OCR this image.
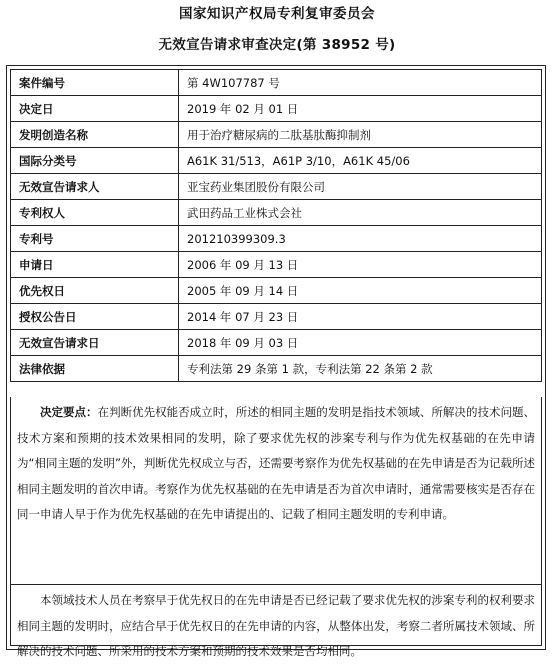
国家知识产权局专利复审委员会
无效宣告请求审查决定(第 38952 号)
案件编号	第 4W107787 号
决定日	2019 年 02 月 01 日
发明创造名称	用于治疗糖尿病的二肽基肽酶抑制剂
国际分类号	A61K 31/513，A61P 3/10，A61K 45/06
无效宣告请求人	亚宝药业集团股份有限公司
专利权人	武田药品工业株式会社
专利号	201210399309.3
申请日	2006 年 09 月 13 日
优先权日	2005 年 09 月 14 日
授权公告日	2014 年 07 月 23 日
无效宣告请求日	2018 年 09 月 03 日
法律依据	专利法第 29 条第 1 款，专利法第 22 条第 2 款
决定要点：在判断优先权能否成立时，所述的相同主题的发明是指技术领域、所解决的技术问题、技术方案和预期的技术效果相同的发明，除了要求优先权的涉案专利与作为优先权基础的在先申请为“相同主题的发明”外，判断优先权成立与否，还需要考察作为优先权基础的在先申请是否为记载所述相同主题发明的首次申请。考察作为优先权基础的在先申请是否为首次申请时，通常需要核实是否存在同一申请人早于作为优先权基础的在先申请提出的、记载了相同主题发明的专利申请。
本领域技术人员在考察早于优先权日的在先申请是否已经记载了要求优先权的涉案专利的权利要求相同主题的发明时，应结合早于优先权日的在先申请的内容，从整体出发，考察二者所属技术领域、所解决的技术问题、所采用的技术方案和预期的技术效果是否均相同。
